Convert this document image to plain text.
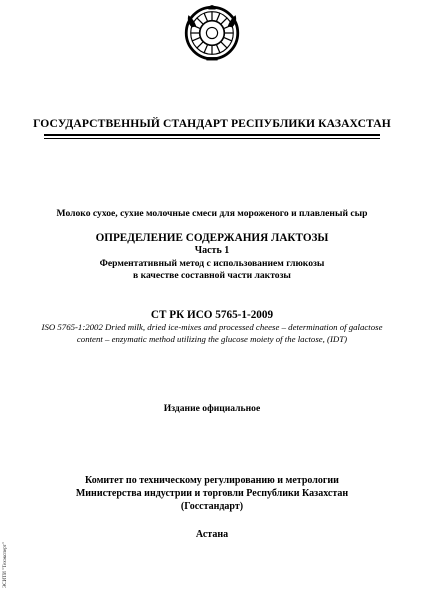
ГОСУДАРСТВЕННЫЙ СТАНДАРТ РЕСПУБЛИКИ КАЗАХСТАН
Молоко сухое, сухие молочные смеси для мороженого и плавленый сыр
ОПРЕДЕЛЕНИЕ СОДЕРЖАНИЯ ЛАКТОЗЫ
Часть 1
Ферментативный метод с использованием глюкозы
в качестве составной части лактозы
СТ РК ИСО 5765-1-2009
ISO 5765-1:2002 Dried milk, dried ice-mixes and processed cheese – determination of galactose
content – enzymatic method utilizing the glucose moiety of the lactose, (IDT)
Издание официальное
Комитет по техническому регулированию и метрологии
Министерства индустрии и торговли Республики Казахстан
(Госстандарт)
Астана
ЭСИТИ "Техэксперт"
